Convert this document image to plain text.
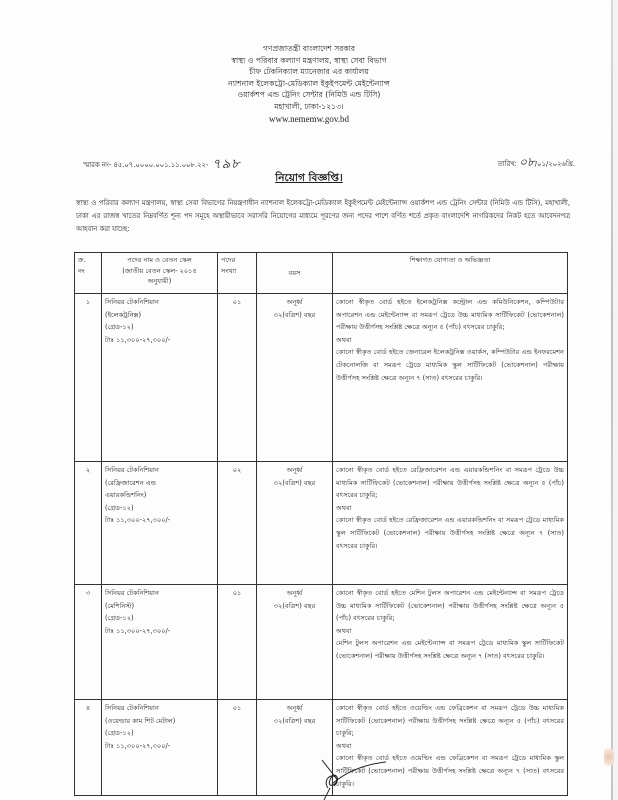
গণপ্রজাতন্ত্রী বাংলাদেশ সরকার
স্বাস্থ্য ও পরিবার কল্যাণ মন্ত্রণালয়, স্বাস্থ্য সেবা বিভাগ
চীফ টেকনিক্যাল ম্যানেজার এর কার্যালয়
ন্যাশনাল ইলেকট্রো-মেডিক্যাল ইকুইপমেন্ট মেইন্টেন্যান্স
ওয়ার্কশপ এন্ড ট্রেনিং সেন্টার (নিমিউ এন্ড টিসি)
মহাখালী, ঢাকা-১২১৩।
www.nememw.gov.bd
স্মারক নং- ৪৫.০৭.০০০০.০০১.১১.০০৮.২২- ৭৯৮	তারিখ: ০৮/০১/২০২৬খ্রি.
নিয়োগ বিজ্ঞপ্তি।
স্বাস্থ্য ও পরিবার কল্যাণ মন্ত্রণালয়, স্বাস্থ্য সেবা বিভাগের নিয়ন্ত্রণাধীন ন্যাশনাল ইলেকট্রো-মেডিক্যাল ইকুইপমেন্ট মেইন্টেন্যান্স ওয়ার্কশপ এন্ড ট্রেনিং সেন্টার (নিমিউ এন্ড টিসি), মহাখালী, ঢাকা এর রাজস্ব খাতের নিম্নবর্ণিত শূন্য পদ সমূহে অস্থায়ীভাবে সরাসরি নিয়োগের মাধ্যমে পূরণের জন্য পদের পাশে বর্ণিত শর্তে প্রকৃত বাংলাদেশি নাগরিকদের নিকট হতে আবেদনপত্র আহবান করা যাচ্ছে:
ক্র.
নং	পদের নাম ও বেতন স্কেল
(জাতীয় বেতন স্কেল- ২০১৫
অনুযায়ী)	পদের
সংখ্যা	বয়স	শিক্ষাগত যোগ্যতা ও অভিজ্ঞতা
১	সিনিয়র টেকনিশিয়ান
(ইলেকট্রনিক্স)
(গ্রেড-১২)
টাঃ ১১,৩০০-২৭,৩০০/-
	০১	অনূর্ধ্ব
৩২(বত্রিশ) বছর

কোনো স্বীকৃত বোর্ড হইতে ইলেকট্রনিক্স কন্ট্রোল এন্ড কমিউনিকেশন, কম্পিউটার অপারেশন এন্ড মেইন্টেন্যান্স বা সমরূপ ট্রেডে উচ্চ মাধ্যমিক সার্টিফিকেট (ভোকেশনাল) পরীক্ষায় উত্তীর্ণসহ সংশ্লিষ্ট ক্ষেত্রে অন্যূন ৫ (পাঁচ) বৎসরের চাকুরি;
অথবা
কোনো স্বীকৃত বোর্ড হইতে জেনারেল ইলেকট্রনিক্স ওয়ার্কস, কম্পিউটার এন্ড ইনফরমেশন টেকনোলজি বা সমরূপ ট্রেডে মাধ্যমিক স্কুল সার্টিফিকেট (ভোকেশনাল) পরীক্ষায় উত্তীর্ণসহ সংশ্লিষ্ট ক্ষেত্রে অন্যূন ৭ (সাত) বৎসরের চাকুরি।

২	সিনিয়র টেকনিশিয়ান
(রেফ্রিজারেশন এন্ড
এয়ারকন্ডিশনিং)
(গ্রেড-১২)
টাঃ ১১,৩০০-২৭,৩০০/-
	০২	অনূর্ধ্ব
৩২(বত্রিশ) বছর

কোনো স্বীকৃত বোর্ড হইতে রেফ্রিজারেশন এন্ড এয়ারকন্ডিশনিং বা সমরূপ ট্রেডে উচ্চ মাধ্যমিক সার্টিফিকেট (ভোকেশনাল) পরীক্ষায় উত্তীর্ণসহ সংশ্লিষ্ট ক্ষেত্রে অন্যূন ৫ (পাঁচ) বৎসরের চাকুরি;
অথবা
কোনো স্বীকৃত বোর্ড হইতে রেফ্রিজারেশন এন্ড এয়ারকন্ডিশনিং বা সমরূপ ট্রেডে মাধ্যমিক স্কুল সার্টিফিকেট (ভোকেশনাল) পরীক্ষায় উত্তীর্ণসহ সংশ্লিষ্ট ক্ষেত্রে অন্যূন ৭ (সাত) বৎসরের চাকুরি।

৩	সিনিয়র টেকনিশিয়ান
(মেশিনিস্ট)
(গ্রেড-১২)
টাঃ ১১,৩০০-২৭,৩০০/-
	০১	অনূর্ধ্ব
৩২(বত্রিশ) বছর

কোনো স্বীকৃত বোর্ড হইতে মেশিন টুলস অপারেশন এন্ড মেইন্টেন্যান্স বা সমরূপ ট্রেডে উচ্চ মাধ্যমিক সার্টিফিকেট (ভোকেশনাল) পরীক্ষায় উত্তীর্ণসহ সংশ্লিষ্ট ক্ষেত্রে অন্যূন ৫ (পাঁচ) বৎসরের চাকুরি;
অথবা
মেশিন টুলস অপারেশন এন্ড মেইন্টেন্যান্স বা সমরূপ ট্রেডে মাধ্যমিক স্কুল সার্টিফিকেট (ভোকেশনাল) পরীক্ষায় উত্তীর্ণসহ সংশ্লিষ্ট ক্ষেত্রে অন্যূন ৭ (সাত) বৎসরের চাকুরি।

৪	সিনিয়র টেকনিশিয়ান
(ওয়েল্ডার কাম শিট মেটাল)
(গ্রেড-১২)
টাঃ ১১,৩০০-২৭,৩০০/-
	০১	অনূর্ধ্ব
৩২(বত্রিশ) বছর

কোনো স্বীকৃত বোর্ড হইতে ওয়েল্ডিং এন্ড ফেব্রিকেশন বা সমরূপ ট্রেডে উচ্চ মাধ্যমিক সার্টিফিকেট (ভোকেশনাল) পরীক্ষায় উত্তীর্ণসহ সংশ্লিষ্ট ক্ষেত্রে অন্যূন ৫ (পাঁচ) বৎসরের চাকুরি;
অথবা
কোনো স্বীকৃত বোর্ড হইতে ওয়েল্ডিং এন্ড ফেব্রিকেশন বা সমরূপ ট্রেডে মাধ্যমিক স্কুল সার্টিফিকেট (ভোকেশনাল) পরীক্ষায় উত্তীর্ণসহ সংশ্লিষ্ট ক্ষেত্রে অন্যূন ৭ (সাত) বৎসরের চাকুরি।
